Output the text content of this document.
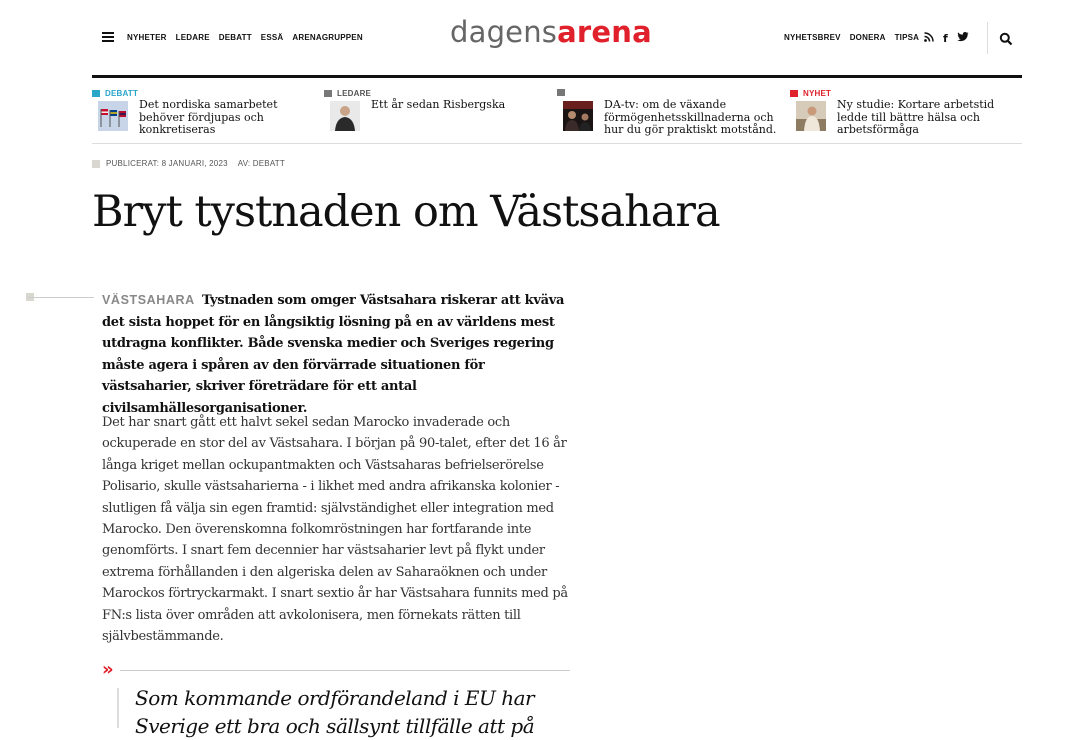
NYHETER LEDARE DEBATT ESSÄ ARENAGRUPPEN	dagensarena	NYHETSBREV DONERA TIPSA f
DEBATT
Det nordiska samarbetet behöver fördjupas och konkretiseras
LEDARE
Ett år sedan Risbergska	DA-tv: om de växande förmögenhetsskillnaderna och hur du gör praktiskt motstånd.
NYHET
Ny studie: Kortare arbetstid ledde till bättre hälsa och arbetsförmåga
PUBLICERAT: 8 JANUARI, 2023 AV: DEBATT
Bryt tystnaden om Västsahara

VÄSTSAHARA Tystnaden som omger Västsahara riskerar att kväva det sista hoppet för en långsiktig lösning på en av världens mest utdragna konflikter. Både svenska medier och Sveriges regering måste agera i spåren av den förvärrade situationen för västsaharier, skriver företrädare för ett antal civilsamhällesorganisationer.

Det har snart gått ett halvt sekel sedan Marocko invaderade och ockuperade en stor del av Västsahara. I början på 90-talet, efter det 16 år långa kriget mellan ockupantmakten och Västsaharas befrielserörelse Polisario, skulle västsaharierna - i likhet med andra afrikanska kolonier - slutligen få välja sin egen framtid: självständighet eller integration med Marocko. Den överenskomna folkomröstningen har fortfarande inte genomförts. I snart fem decennier har västsaharier levt på flykt under extrema förhållanden i den algeriska delen av Saharaöknen och under Marockos förtryckarmakt. I snart sextio år har Västsahara funnits med på FN:s lista över områden att avkolonisera, men förnekats rätten till självbestämmande.

»
Som kommande ordförandeland i EU har Sverige ett bra och sällsynt tillfälle att på
